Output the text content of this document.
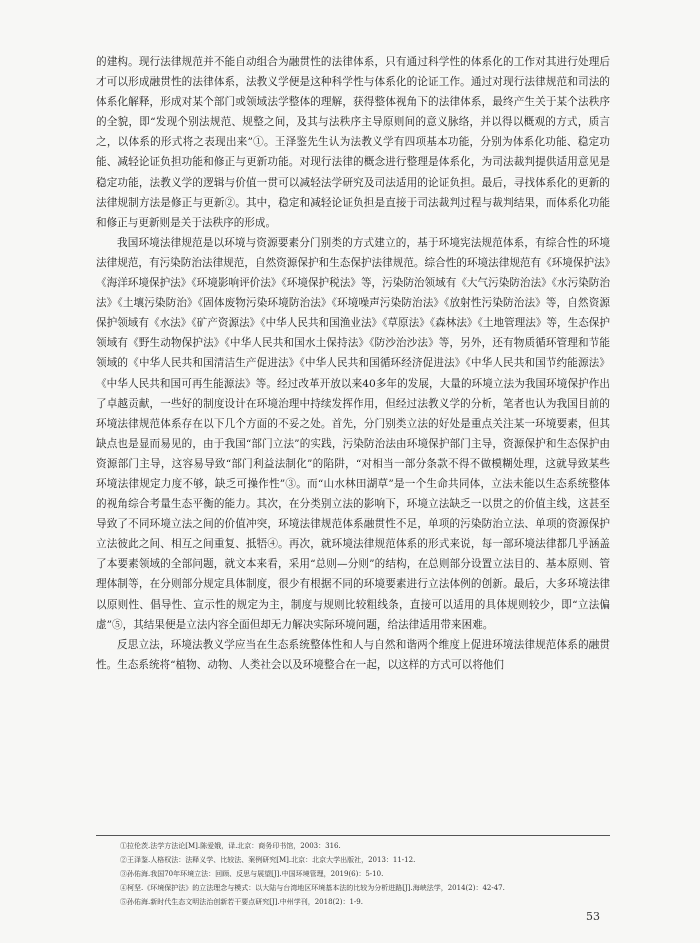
的建构。现行法律规范并不能自动组合为融贯性的法律体系，只有通过科学性的体系化的工作对其进行处理后才可以形成融贯性的法律体系，法教义学便是这种科学性与体系化的论证工作。通过对现行法律规范和司法的体系化解释，形成对某个部门或领域法学整体的理解，获得整体视角下的法律体系，最终产生关于某个法秩序的全貌，即“发现个别法规范、规整之间，及其与法秩序主导原则间的意义脉络，并以得以概观的方式，质言之，以体系的形式将之表现出来”①。王泽鉴先生认为法教义学有四项基本功能，分别为体系化功能、稳定功能、减轻论证负担功能和修正与更新功能。对现行法律的概念进行整理是体系化，为司法裁判提供适用意见是稳定功能，法教义学的逻辑与价值一贯可以减轻法学研究及司法适用的论证负担。最后，寻找体系化的更新的法律规制方法是修正与更新②。其中，稳定和减轻论证负担是直接于司法裁判过程与裁判结果，而体系化功能和修正与更新则是关于法秩序的形成。

我国环境法律规范是以环境与资源要素分门别类的方式建立的，基于环境宪法规范体系，有综合性的环境法律规范，有污染防治法律规范，自然资源保护和生态保护法律规范。综合性的环境法律规范有《环境保护法》《海洋环境保护法》《环境影响评价法》《环境保护税法》等，污染防治领域有《大气污染防治法》《水污染防治法》《土壤污染防治》《固体废物污染环境防治法》《环境噪声污染防治法》《放射性污染防治法》等，自然资源保护领域有《水法》《矿产资源法》《中华人民共和国渔业法》《草原法》《森林法》《土地管理法》等，生态保护领域有《野生动物保护法》《中华人民共和国水土保持法》《防沙治沙法》等，另外，还有物质循环管理和节能领域的《中华人民共和国清洁生产促进法》《中华人民共和国循环经济促进法》《中华人民共和国节约能源法》《中华人民共和国可再生能源法》等。经过改革开放以来40多年的发展，大量的环境立法为我国环境保护作出了卓越贡献，一些好的制度设计在环境治理中持续发挥作用，但经过法教义学的分析，笔者也认为我国目前的环境法律规范体系存在以下几个方面的不妥之处。首先，分门别类立法的好处是重点关注某一环境要素，但其缺点也是显而易见的，由于我国“部门立法”的实践，污染防治法由环境保护部门主导，资源保护和生态保护由资源部门主导，这容易导致“部门利益法制化”的陷阱，“对相当一部分条款不得不做模糊处理，这就导致某些环境法律规定力度不够，缺乏可操作性”③。而“山水林田湖草”是一个生命共同体，立法未能以生态系统整体的视角综合考量生态平衡的能力。其次，在分类别立法的影响下，环境立法缺乏一以贯之的价值主线，这甚至导致了不同环境立法之间的价值冲突，环境法律规范体系融贯性不足，单项的污染防治立法、单项的资源保护立法彼此之间、相互之间重复、抵牾④。再次，就环境法律规范体系的形式来说，每一部环境法律都几乎涵盖了本要素领域的全部问题，就文本来看，采用“总则—分则”的结构，在总则部分设置立法目的、基本原则、管理体制等，在分则部分规定具体制度，很少有根据不同的环境要素进行立法体例的创新。最后，大多环境法律以原则性、倡导性、宣示性的规定为主，制度与规则比较粗线条，直接可以适用的具体规则较少，即“立法偏虚”⑤，其结果便是立法内容全面但却无力解决实际环境问题，给法律适用带来困难。

反思立法，环境法教义学应当在生态系统整体性和人与自然和谐两个维度上促进环境法律规范体系的融贯性。生态系统将“植物、动物、人类社会以及环境整合在一起，以这样的方式可以将他们

①拉伦茨.法学方法论[M].陈爱娥，译.北京：商务印书馆，2003：316.
②王泽鉴.人格权法：法释义学、比较法、案例研究[M].北京：北京大学出版社，2013：11-12.
③孙佑海.我国70年环境立法：回顾、反思与展望[J].中国环境管理，2019(6)：5-10.
④柯坚.《环境保护法》的立法理念与模式：以大陆与台湾地区环境基本法的比较为分析进路[J].海峡法学，2014(2)：42-47.
⑤孙佑海.新时代生态文明法治创新若干要点研究[J].中州学刊，2018(2)：1-9.
53
